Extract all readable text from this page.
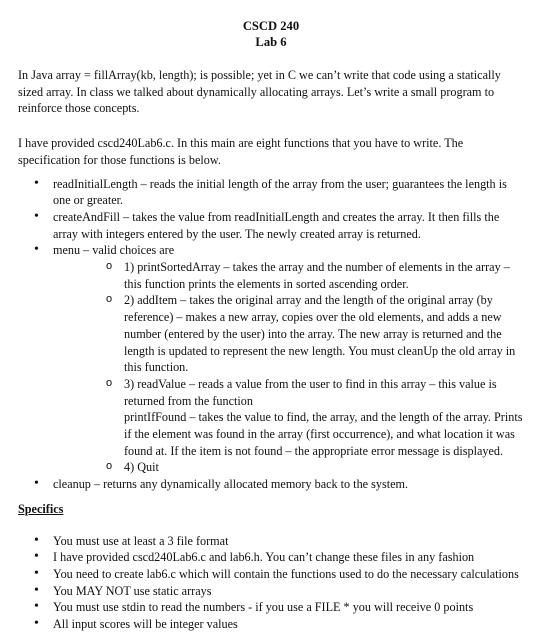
CSCD 240
Lab 6

In Java array = fillArray(kb, length); is possible; yet in C we can’t write that code using a statically sized array. In class we talked about dynamically allocating arrays. Let’s write a small program to reinforce those concepts.

I have provided cscd240Lab6.c. In this main are eight functions that you have to write. The specification for those functions is below.

• readInitialLength – reads the initial length of the array from the user; guarantees the length is one or greater.
• createAndFill – takes the value from readInitialLength and creates the array. It then fills the array with integers entered by the user. The newly created array is returned.
• menu – valid choices are
o 1) printSortedArray – takes the array and the number of elements in the array – this function prints the elements in sorted ascending order.
o 2) addItem – takes the original array and the length of the original array (by reference) – makes a new array, copies over the old elements, and adds a new number (entered by the user) into the array. The new array is returned and the length is updated to represent the new length. You must cleanUp the old array in this function.
o 3) readValue – reads a value from the user to find in this array – this value is returned from the function
printIfFound – takes the value to find, the array, and the length of the array. Prints if the element was found in the array (first occurrence), and what location it was found at. If the item is not found – the appropriate error message is displayed.
o 4) Quit
• cleanup – returns any dynamically allocated memory back to the system.
Specifics
• You must use at least a 3 file format
• I have provided cscd240Lab6.c and lab6.h. You can’t change these files in any fashion
• You need to create lab6.c which will contain the functions used to do the necessary calculations
• You MAY NOT use static arrays
• You must use stdin to read the numbers - if you use a FILE * you will receive 0 points
• All input scores will be integer values
